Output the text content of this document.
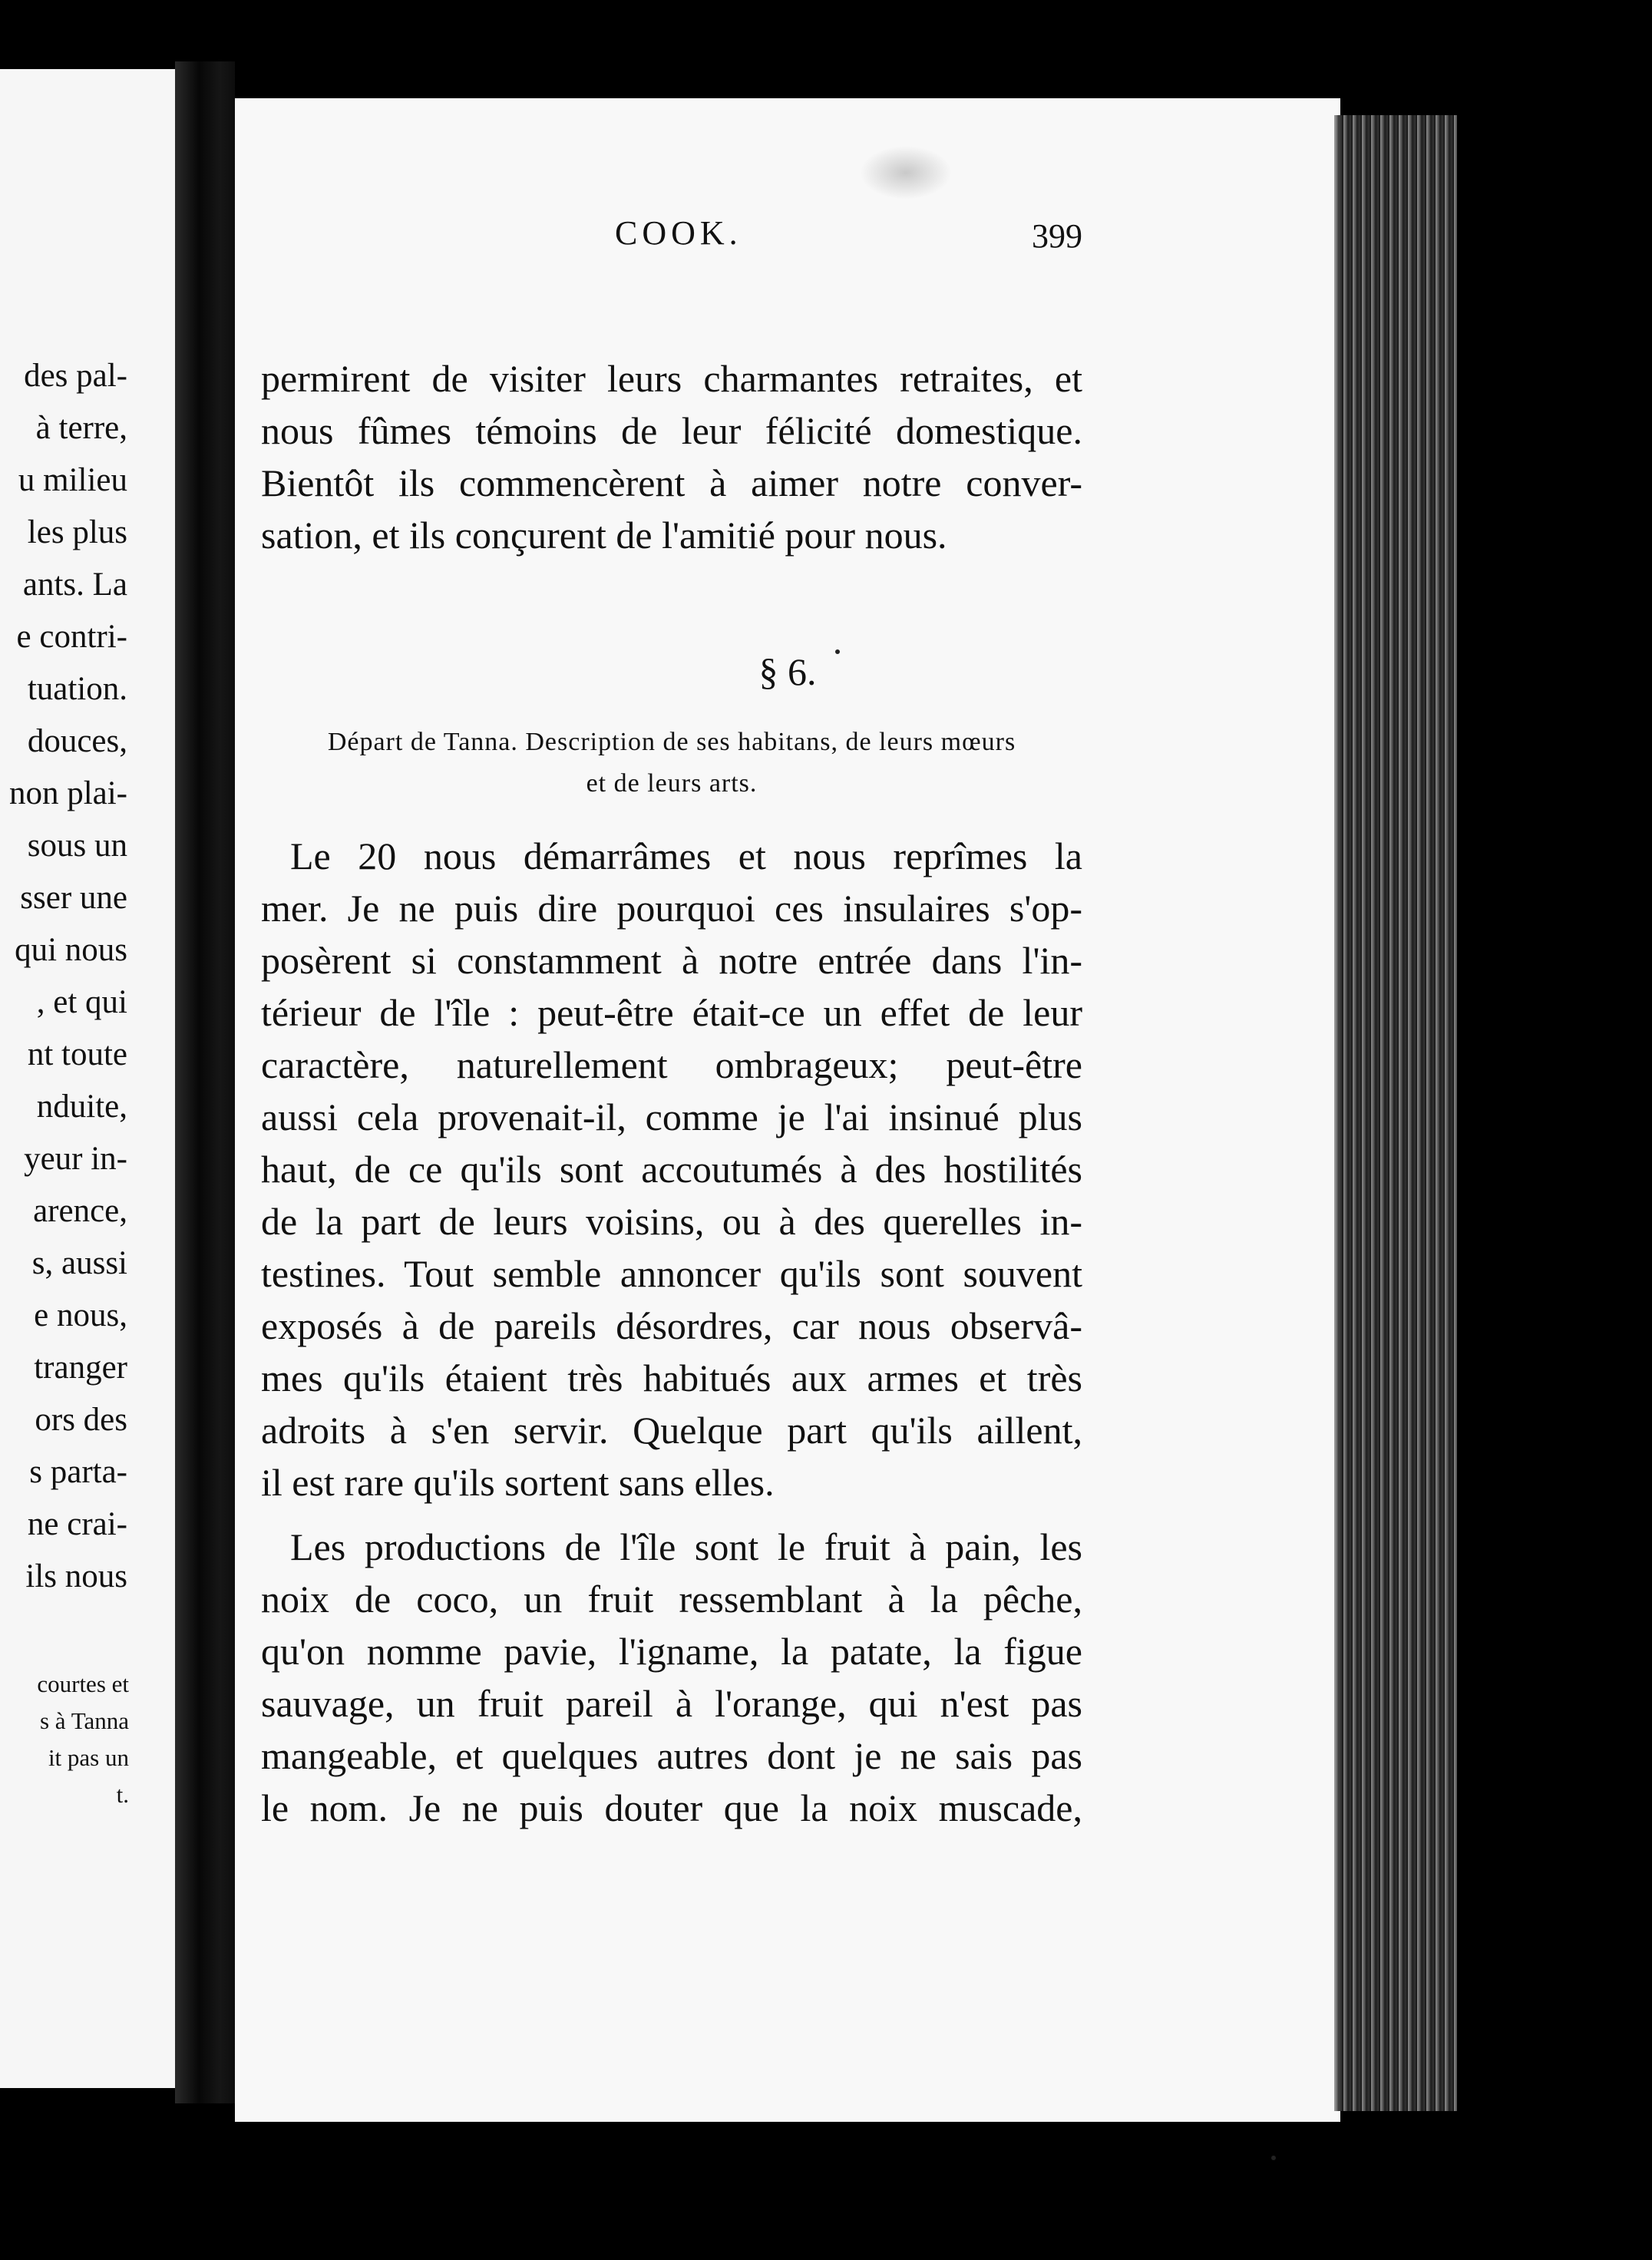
des pal-
à terre,
u milieu
les plus
ants. La
e contri-
tuation.
douces,
non plai-
sous un
sser une
qui nous
, et qui
nt toute
nduite,
yeur in-
arence,
s, aussi
e nous,
tranger
ors des
s parta-
ne crai-
ils nous
courtes et
s à Tanna
it pas un
t.
COOK.	399
permirent de visiter leurs charmantes retraites, et
nous fûmes témoins de leur félicité domestique.
Bientôt ils commencèrent à aimer notre conver-
sation, et ils conçurent de l'amitié pour nous.
§ 6.
Départ de Tanna. Description de ses habitans, de leurs mœurs
et de leurs arts.
Le 20 nous démarrâmes et nous reprîmes la
mer. Je ne puis dire pourquoi ces insulaires s'op-
posèrent si constamment à notre entrée dans l'in-
térieur de l'île : peut-être était-ce un effet de leur
caractère, naturellement ombrageux; peut-être
aussi cela provenait-il, comme je l'ai insinué plus
haut, de ce qu'ils sont accoutumés à des hostilités
de la part de leurs voisins, ou à des querelles in-
testines. Tout semble annoncer qu'ils sont souvent
exposés à de pareils désordres, car nous observâ-
mes qu'ils étaient très habitués aux armes et très
adroits à s'en servir. Quelque part qu'ils aillent,
il est rare qu'ils sortent sans elles.
Les productions de l'île sont le fruit à pain, les
noix de coco, un fruit ressemblant à la pêche,
qu'on nomme pavie, l'igname, la patate, la figue
sauvage, un fruit pareil à l'orange, qui n'est pas
mangeable, et quelques autres dont je ne sais pas
le nom. Je ne puis douter que la noix muscade,
